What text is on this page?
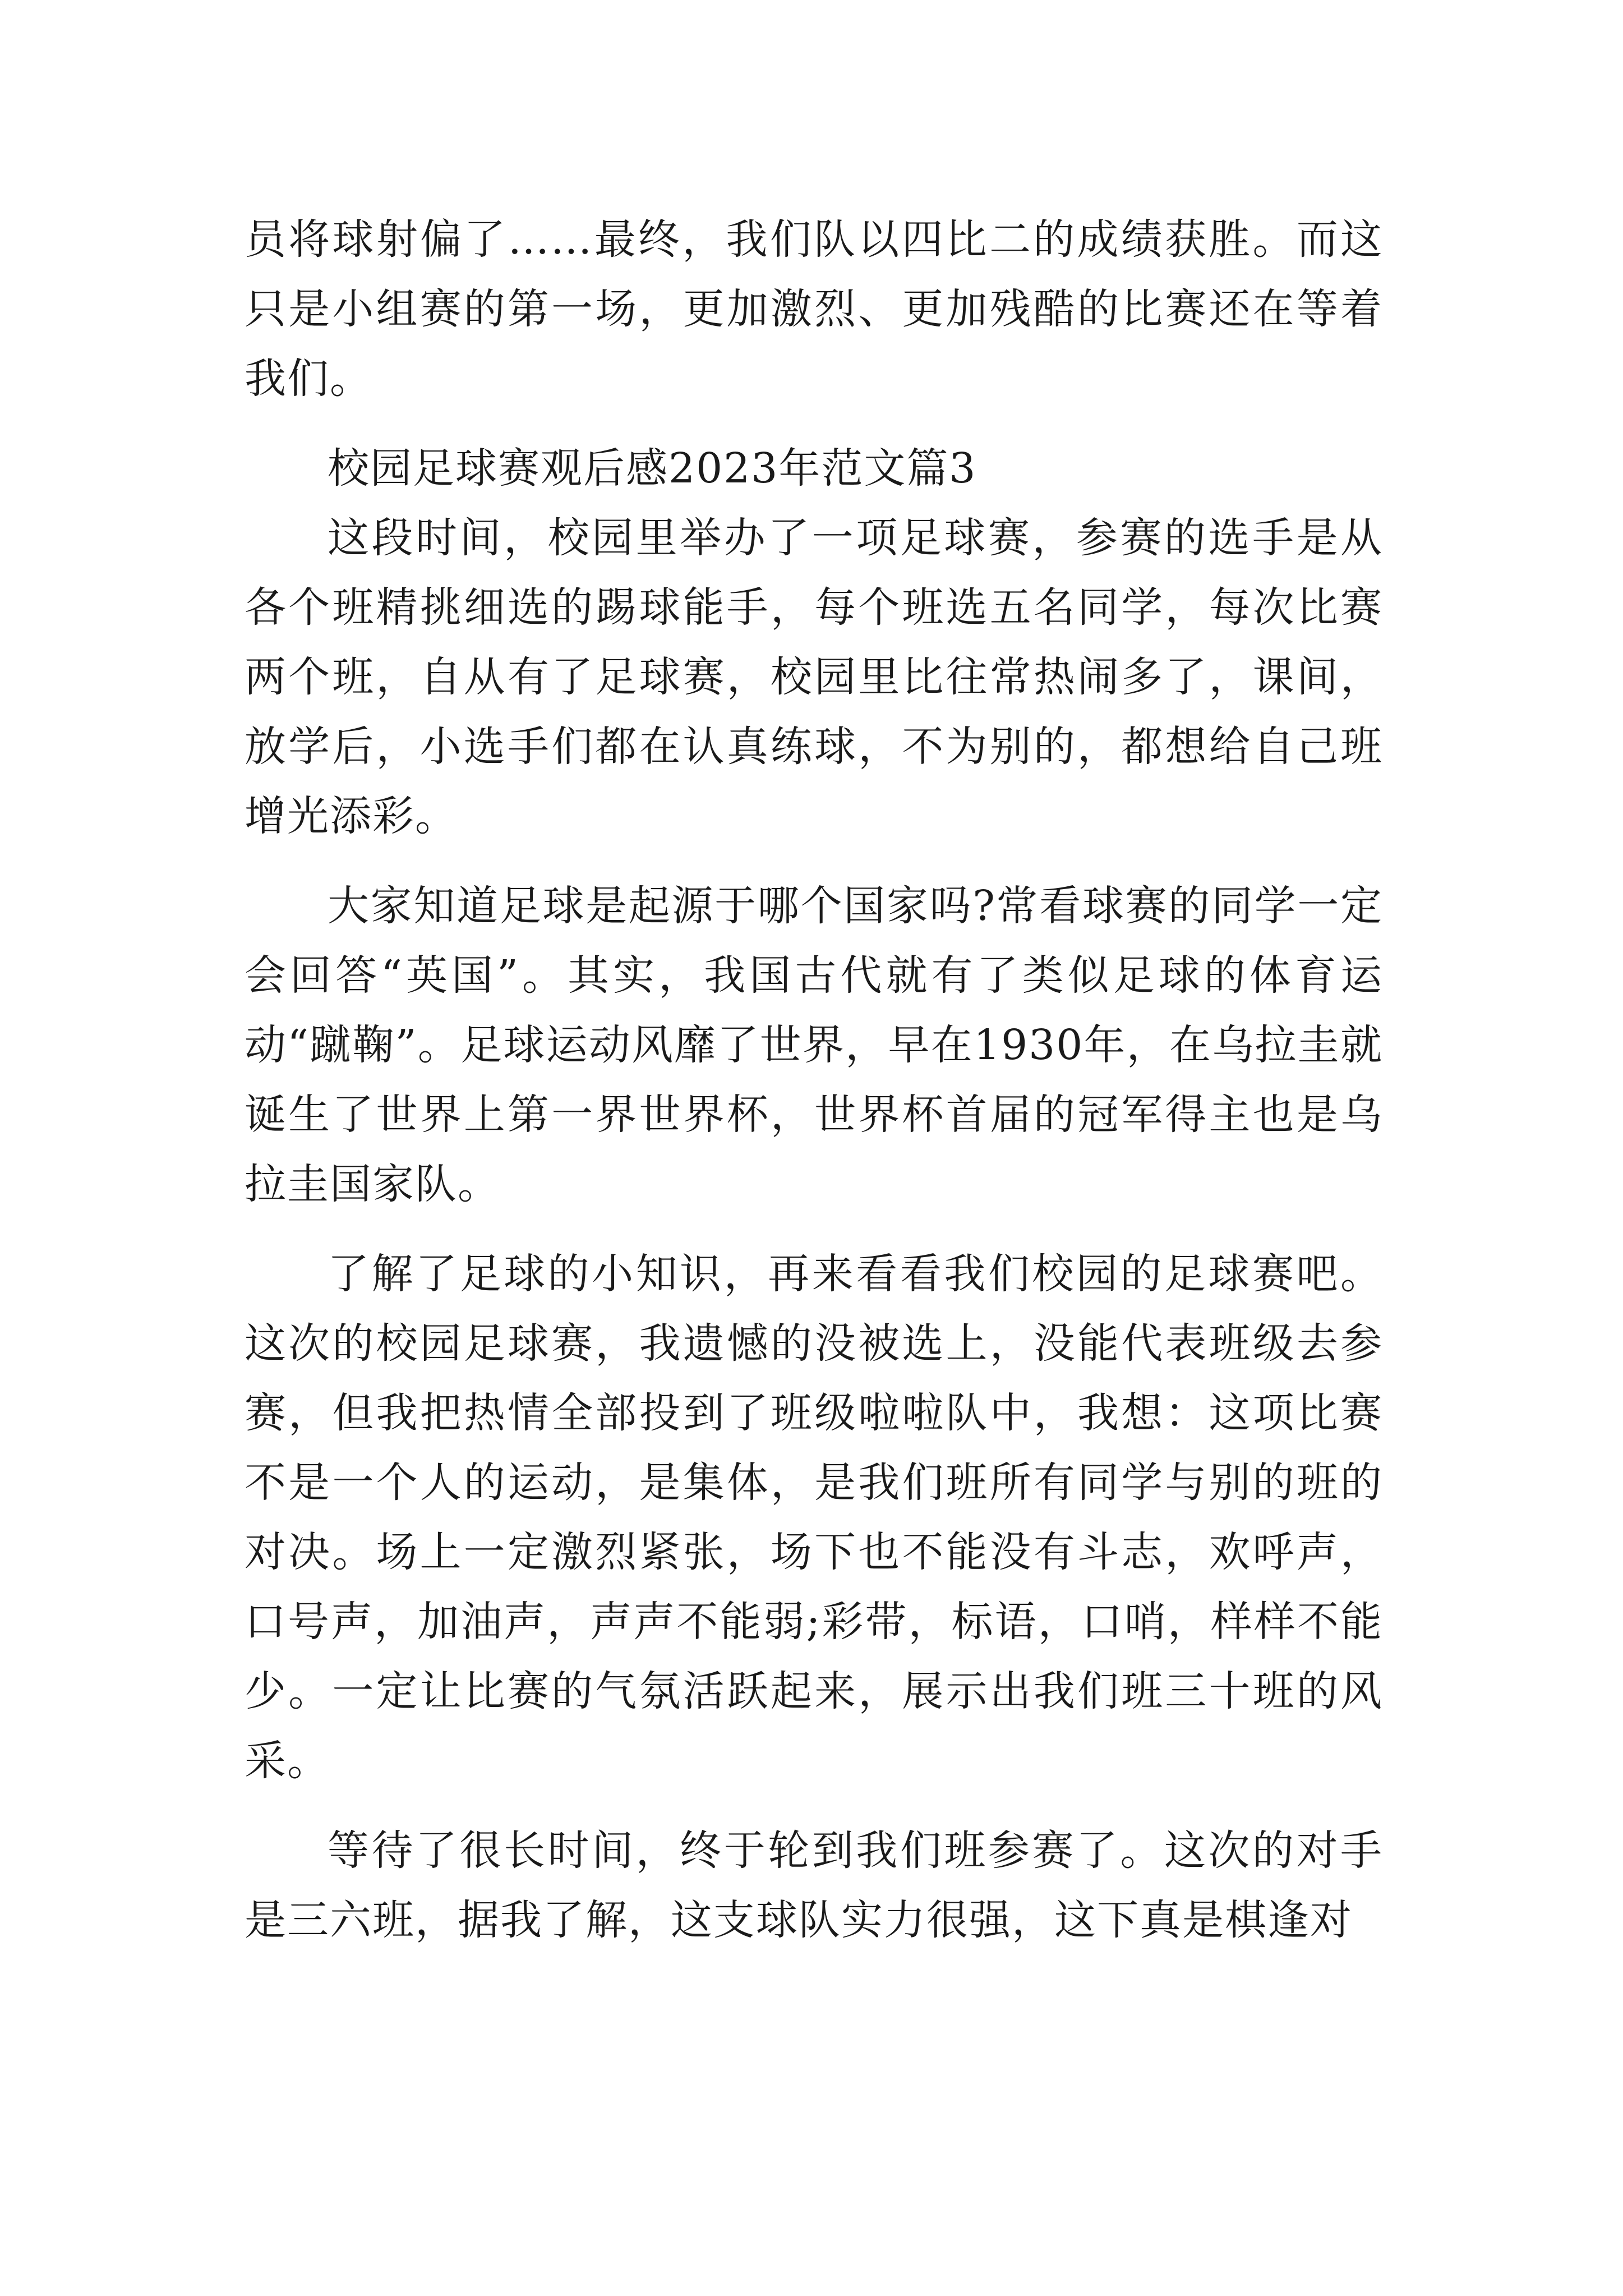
员将球射偏了……最终，我们队以四比二的成绩获胜。而这只是小组赛的第一场，更加激烈、更加残酷的比赛还在等着我们。

校园足球赛观后感2023年范文篇3

这段时间，校园里举办了一项足球赛，参赛的选手是从各个班精挑细选的踢球能手，每个班选五名同学，每次比赛两个班，自从有了足球赛，校园里比往常热闹多了，课间，放学后，小选手们都在认真练球，不为别的，都想给自己班增光添彩。

大家知道足球是起源于哪个国家吗?常看球赛的同学一定会回答“英国”。其实，我国古代就有了类似足球的体育运动“蹴鞠”。足球运动风靡了世界，早在1930年，在乌拉圭就诞生了世界上第一界世界杯，世界杯首届的冠军得主也是乌拉圭国家队。

了解了足球的小知识，再来看看我们校园的足球赛吧。这次的校园足球赛，我遗憾的没被选上，没能代表班级去参赛，但我把热情全部投到了班级啦啦队中，我想：这项比赛不是一个人的运动，是集体，是我们班所有同学与别的班的对决。场上一定激烈紧张，场下也不能没有斗志，欢呼声，口号声，加油声，声声不能弱;彩带，标语，口哨，样样不能少。一定让比赛的气氛活跃起来，展示出我们班三十班的风采。

等待了很长时间，终于轮到我们班参赛了。这次的对手是三六班，据我了解，这支球队实力很强，这下真是棋逢对
